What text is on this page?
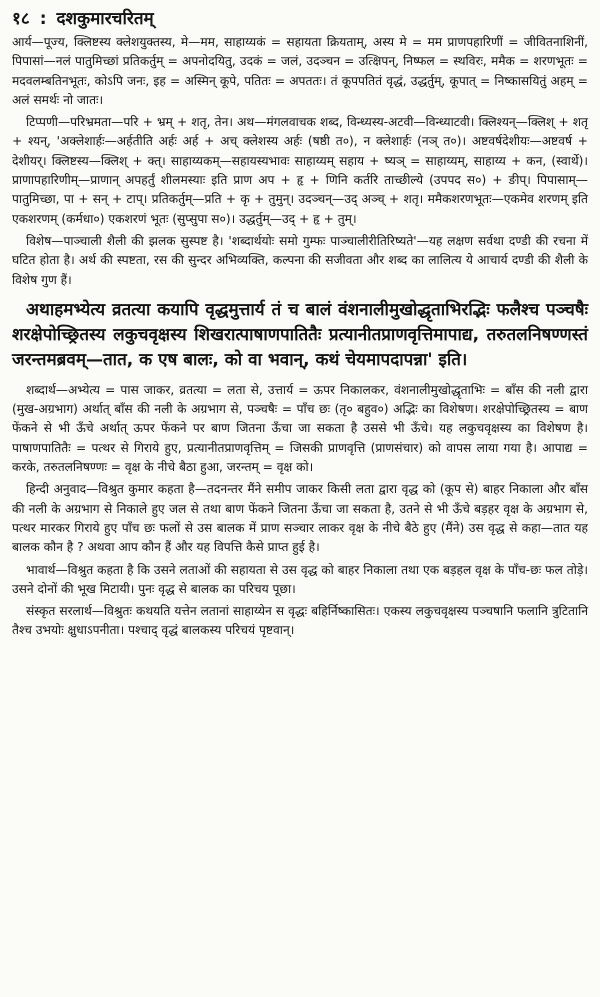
१८ : दशकुमारचरितम्

आर्य—पूज्य, क्लिष्टस्य क्लेशयुक्तस्य, मे—मम, साहाय्यकं = सहायता क्रियताम्, अस्य मे = मम प्राणपहारिणीं = जीवितनाशिनीं, पिपासां—नलं पातुमिच्छां प्रतिकर्तुम् = अपनोदयितु, उदकं = जलं, उदञ्चन = उत्क्षिपन्, निष्फल = स्थविरः, ममैक = शरणभूतः = मदवलम्बतिनभूतः, कोऽपि जनः, इह = अस्मिन् कूपे, पतितः = अपततः। तं कूपपतितं वृद्धं, उद्धर्तुम्, कूपात् = निष्कासयितुं अहम् = अलं समर्थः नो जातः।

टिप्पणी—परिभ्रमता—परि + भ्रम् + शतृ, तेन। अथ—मंगलवाचक शब्द, विन्ध्यस्य-अटवी—विन्ध्याटवी। क्लिश्यन्—क्लिश् + शतृ + श्यन्, 'अक्लेशार्हः—अर्हतीति अर्हः अर्ह + अच् क्लेशस्य अर्हः (षष्ठी त०), न क्लेशार्हः (नञ् त०)। अष्टवर्षदेशीयः—अष्टवर्ष + देशीयर्। क्लिष्टस्य—क्लिश् + क्त्। साहाय्यकम्—सहायस्यभावः साहाय्यम् सहाय + ष्यञ् = साहाय्यम्, साहाय्य + कन, (स्वार्थे)। प्राणापहारिणीम्—प्राणान् अपहर्तुं शीलमस्याः इति प्राण अप + हृ + णिनि कर्तरि ताच्छील्ये (उपपद स०) + ङीप्। पिपासाम्—पातुमिच्छा, पा + सन् + टाप्। प्रतिकर्तुम्—प्रति + कृ + तुमुन्। उदञ्चन्—उद् अञ्च् + शतृ। ममैकशरणभूतः—एकमेव शरणम् इति एकशरणम् (कर्मधा०) एकशरणं भूतः (सुप्सुपा स०)। उद्धर्तुम्—उद् + हृ + तुम्।

विशेष—पाञ्चाली शैली की झलक सुस्पष्ट है। 'शब्दार्थयोः समो गुम्फः पाञ्चालीरीतिरिष्यते'—यह लक्षण सर्वथा दण्डी की रचना में घटित होता है। अर्थ की स्पष्टता, रस की सुन्दर अभिव्यक्ति, कल्पना की सजीवता और शब्द का लालित्य ये आचार्य दण्डी की शैली के विशेष गुण हैं।

अथाहमभ्येत्य व्रतत्या कयापि वृद्धमुत्तार्य तं च बालं वंशनालीमुखोद्धृताभिरद्भिः फलैश्च पञ्चषैः शरक्षेपोच्छ्रितस्य लकुचवृक्षस्य शिखरात्पाषाणपातितैः प्रत्यानीतप्राणवृत्तिमापाद्य, तरुतलनिषण्णस्तं जरन्तमब्रवम्—तात, क एष बालः, को वा भवान्, कथं चेयमापदापन्ना' इति।

शब्दार्थ—अभ्येत्य = पास जाकर, व्रतत्या = लता से, उत्तार्य = ऊपर निकालकर, वंशनालीमुखोद्धृताभिः = बाँस की नली द्वारा (मुख-अग्रभाग) अर्थात् बाँस की नली के अग्रभाग से, पञ्चषैः = पाँच छः (तृ० बहुव०) अद्भिः का विशेषण। शरक्षेपोच्छ्रितस्य = बाण फेंकने से भी ऊँचे अर्थात् ऊपर फेंकने पर बाण जितना ऊँचा जा सकता है उससे भी ऊँचे। यह लकुचवृक्षस्य का विशेषण है। पाषाणपातितैः = पत्थर से गिराये हुए, प्रत्यानीतप्राणवृत्तिम् = जिसकी प्राणवृत्ति (प्राणसंचार) को वापस लाया गया है। आपाद्य = करके, तरुतलनिषण्णः = वृक्ष के नीचे बैठा हुआ, जरन्तम् = वृक्ष को।

हिन्दी अनुवाद—विश्रुत कुमार कहता है—तदनन्तर मैंने समीप जाकर किसी लता द्वारा वृद्ध को (कूप से) बाहर निकाला और बाँस की नली के अग्रभाग से निकाले हुए जल से तथा बाण फेंकने जितना ऊँचा जा सकता है, उतने से भी ऊँचे बड़हर वृक्ष के अग्रभाग से, पत्थर मारकर गिराये हुए पाँच छः फलों से उस बालक में प्राण सञ्चार लाकर वृक्ष के नीचे बैठे हुए (मैंने) उस वृद्ध से कहा—तात यह बालक कौन है ? अथवा आप कौन हैं और यह विपत्ति कैसे प्राप्त हुई है।

भावार्थ—विश्रुत कहता है कि उसने लताओं की सहायता से उस वृद्ध को बाहर निकाला तथा एक बड़हल वृक्ष के पाँच-छः फल तोड़े। उसने दोनों की भूख मिटायी। पुनः वृद्ध से बालक का परिचय पूछा।

संस्कृत सरलार्थ—विश्रुतः कथयति यत्तेन लतानां साहाय्येन स वृद्धः बहिर्निष्कासितः। एकस्य लकुचवृक्षस्य पञ्चषानि फलानि त्रुटितानि तैश्च उभयोः क्षुधाऽपनीता। पश्चाद् वृद्धं बालकस्य परिचयं पृष्टवान्।
